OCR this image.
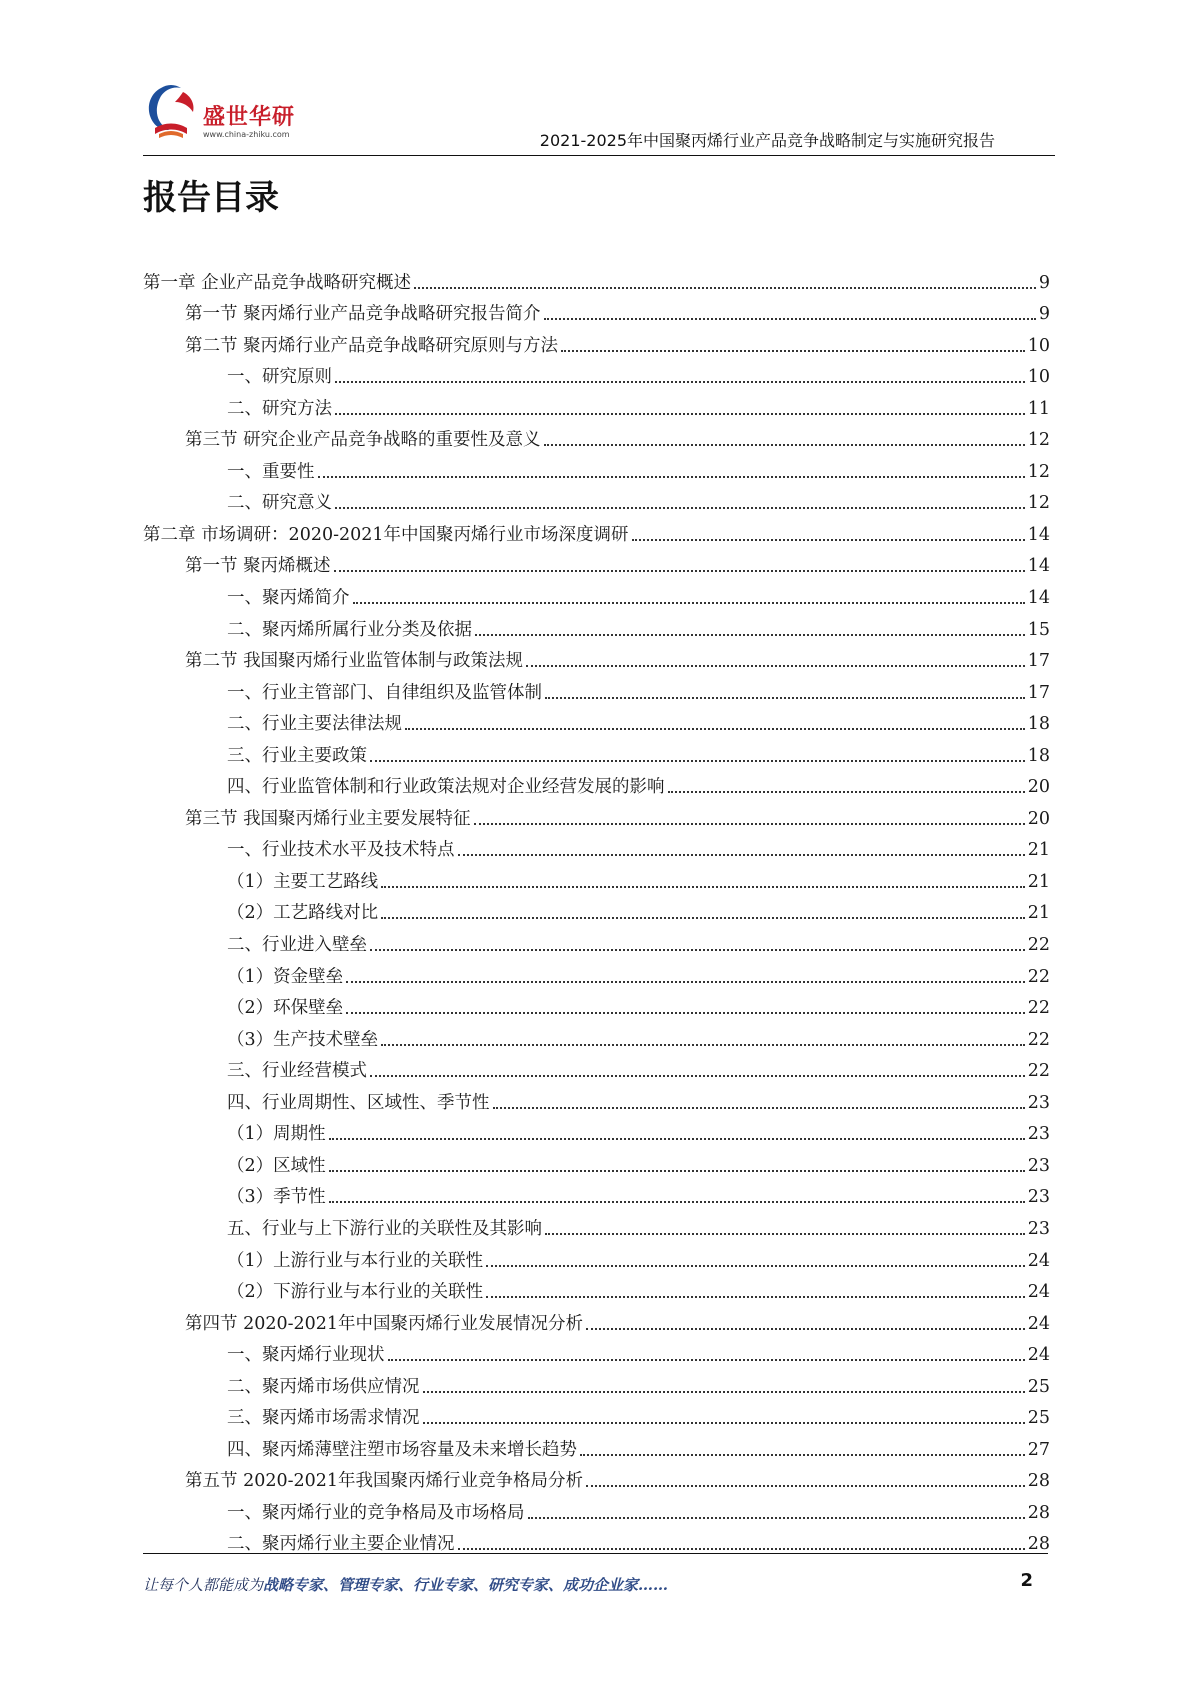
盛世华研
www.china-zhiku.com	2021-2025年中国聚丙烯行业产品竞争战略制定与实施研究报告
报告目录
第一章 企业产品竞争战略研究概述	9
第一节 聚丙烯行业产品竞争战略研究报告简介	9
第二节 聚丙烯行业产品竞争战略研究原则与方法	10
一、研究原则	10
二、研究方法	11
第三节 研究企业产品竞争战略的重要性及意义	12
一、重要性	12
二、研究意义	12
第二章 市场调研：2020-2021年中国聚丙烯行业市场深度调研	14
第一节 聚丙烯概述	14
一、聚丙烯简介	14
二、聚丙烯所属行业分类及依据	15
第二节 我国聚丙烯行业监管体制与政策法规	17
一、行业主管部门、自律组织及监管体制	17
二、行业主要法律法规	18
三、行业主要政策	18
四、行业监管体制和行业政策法规对企业经营发展的影响	20
第三节 我国聚丙烯行业主要发展特征	20
一、行业技术水平及技术特点	21
（1）主要工艺路线	21
（2）工艺路线对比	21
二、行业进入壁垒	22
（1）资金壁垒	22
（2）环保壁垒	22
（3）生产技术壁垒	22
三、行业经营模式	22
四、行业周期性、区域性、季节性	23
（1）周期性	23
（2）区域性	23
（3）季节性	23
五、行业与上下游行业的关联性及其影响	23
（1）上游行业与本行业的关联性	24
（2）下游行业与本行业的关联性	24
第四节 2020-2021年中国聚丙烯行业发展情况分析	24
一、聚丙烯行业现状	24
二、聚丙烯市场供应情况	25
三、聚丙烯市场需求情况	25
四、聚丙烯薄壁注塑市场容量及未来增长趋势	27
第五节 2020-2021年我国聚丙烯行业竞争格局分析	28
一、聚丙烯行业的竞争格局及市场格局	28
二、聚丙烯行业主要企业情况	28
让每个人都能成为战略专家、管理专家、行业专家、研究专家、成功企业家……	2
